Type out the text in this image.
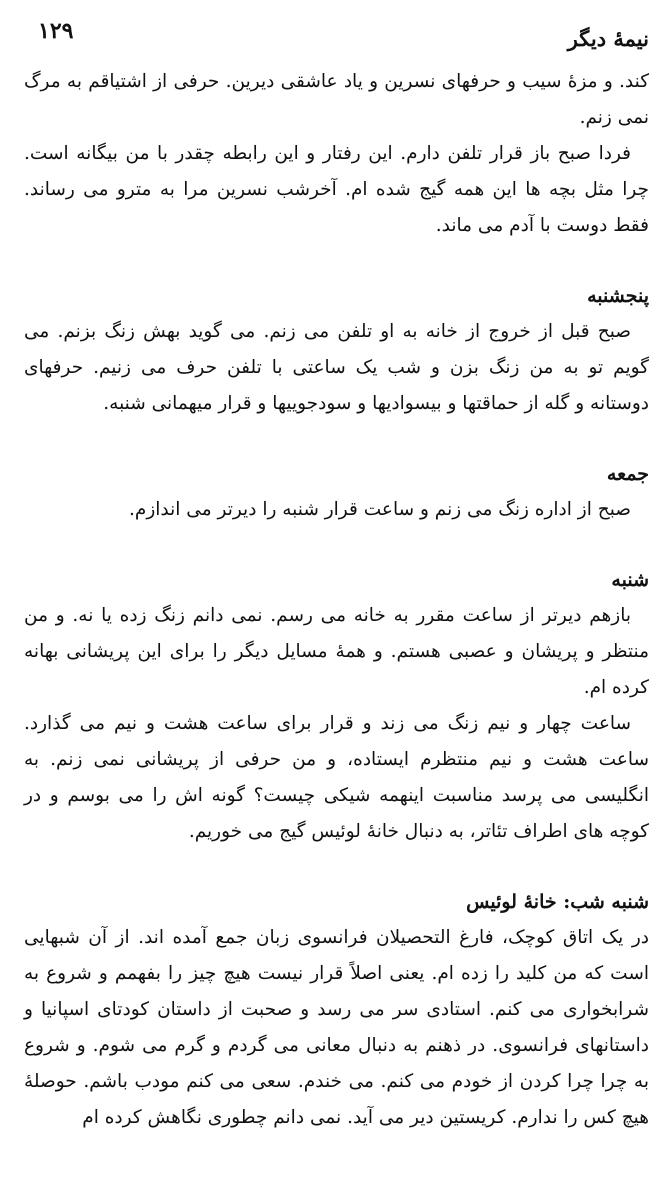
۱۲۹	نیمهٔ دیگر

کند. و مزهٔ سیب و حرفهای نسرین و یاد عاشقی دیرین. حرفی از اشتیاقم به مرگ نمی زنم.

فردا صبح باز قرار تلفن دارم. این رفتار و این رابطه چقدر با من بیگانه است. چرا مثل بچه ها این همه گیج شده ام. آخرشب نسرین مرا به مترو می رساند. فقط دوست با آدم می ماند.

پنجشنبه

صبح قبل از خروج از خانه به او تلفن می زنم. می گوید بهش زنگ بزنم. می گویم تو به من زنگ بزن و شب یک ساعتی با تلفن حرف می زنیم. حرفهای دوستانه و گله از حماقتها و بیسوادیها و سودجوییها و قرار میهمانی شنبه.

جمعه

صبح از اداره زنگ می زنم و ساعت قرار شنبه را دیرتر می اندازم.

شنبه

بازهم دیرتر از ساعت مقرر به خانه می رسم. نمی دانم زنگ زده یا نه. و من منتظر و پریشان و عصبی هستم. و همهٔ مسایل دیگر را برای این پریشانی بهانه کرده ام.

ساعت چهار و نیم زنگ می زند و قرار برای ساعت هشت و نیم می گذارد. ساعت هشت و نیم منتظرم ایستاده، و من حرفی از پریشانی نمی زنم. به انگلیسی می پرسد مناسبت اینهمه شیکی چیست؟ گونه اش را می بوسم و در کوچه های اطراف تئاتر، به دنبال خانهٔ لوئیس گیج می خوریم.

شنبه شب: خانهٔ لوئیس

در یک اتاق کوچک، فارغ التحصیلان فرانسوی زبان جمع آمده اند. از آن شبهایی است که من کلید را زده ام. یعنی اصلاً قرار نیست هیچ چیز را بفهمم و شروع به شرابخواری می کنم. استادی سر می رسد و صحبت از داستان کودتای اسپانیا و داستانهای فرانسوی. در ذهنم به دنبال معانی می گردم و گرم می شوم. و شروع به چرا چرا کردن از خودم می کنم. می خندم. سعی می کنم مودب باشم. حوصلهٔ هیچ کس را ندارم. کریستین دیر می آید. نمی دانم چطوری نگاهش کرده ام
